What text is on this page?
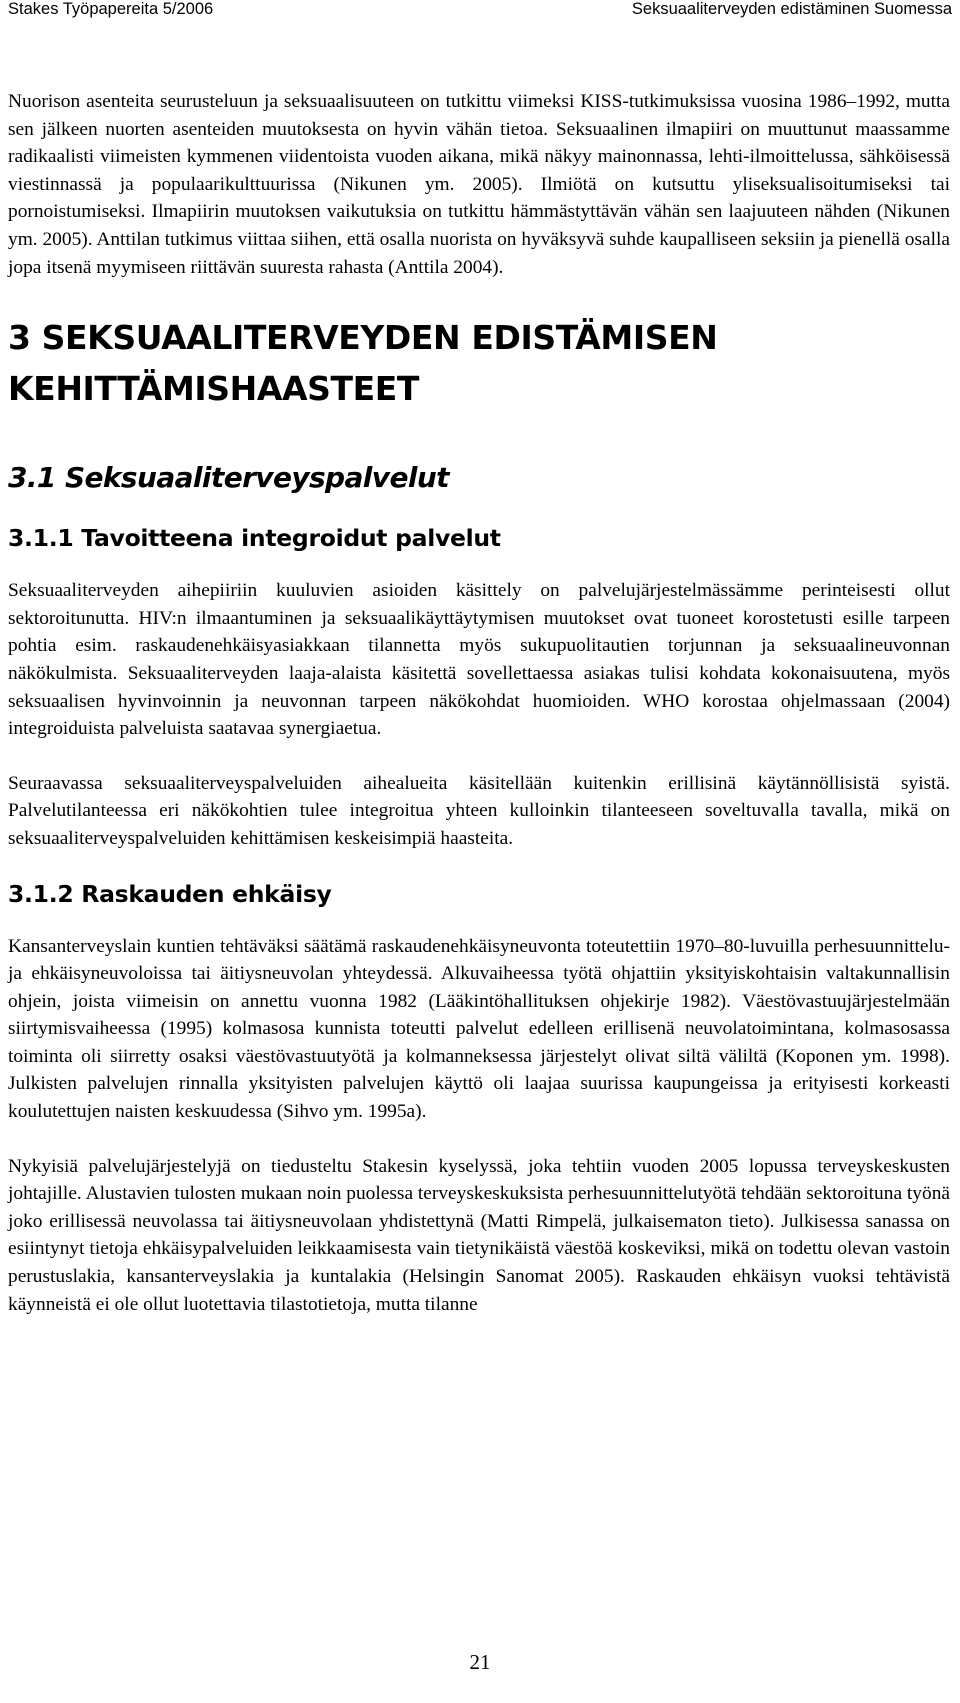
Stakes Työpapereita 5/2006	Seksuaaliterveyden edistäminen Suomessa

Nuorison asenteita seurusteluun ja seksuaalisuuteen on tutkittu viimeksi KISS-tutkimuksissa vuosina 1986–1992, mutta sen jälkeen nuorten asenteiden muutoksesta on hyvin vähän tietoa. Seksuaalinen ilmapiiri on muuttunut maassamme radikaalisti viimeisten kymmenen viidentoista vuoden aikana, mikä näkyy mainonnassa, lehti-ilmoittelussa, sähköisessä viestinnassä ja populaarikulttuurissa (Nikunen ym. 2005). Ilmiötä on kutsuttu yliseksualisoitumiseksi tai pornoistumiseksi. Ilmapiirin muutoksen vaikutuksia on tutkittu hämmästyttävän vähän sen laajuuteen nähden (Nikunen ym. 2005). Anttilan tutkimus viittaa siihen, että osalla nuorista on hyväksyvä suhde kaupalliseen seksiin ja pienellä osalla jopa itsenä myymiseen riittävän suuresta rahasta (Anttila 2004).

3 SEKSUAALITERVEYDEN EDISTÄMISEN
KEHITTÄMISHAASTEET
3.1 Seksuaaliterveyspalvelut
3.1.1 Tavoitteena integroidut palvelut

Seksuaaliterveyden aihepiiriin kuuluvien asioiden käsittely on palvelujärjestelmässämme perinteisesti ollut sektoroitunutta. HIV:n ilmaantuminen ja seksuaalikäyttäytymisen muutokset ovat tuoneet korostetusti esille tarpeen pohtia esim. raskaudenehkäisyasiakkaan tilannetta myös sukupuolitautien torjunnan ja seksuaalineuvonnan näkökulmista. Seksuaaliterveyden laaja-alaista käsitettä sovellettaessa asiakas tulisi kohdata kokonaisuutena, myös seksuaalisen hyvinvoinnin ja neuvonnan tarpeen näkökohdat huomioiden. WHO korostaa ohjelmassaan (2004) integroiduista palveluista saatavaa synergiaetua.

Seuraavassa seksuaaliterveyspalveluiden aihealueita käsitellään kuitenkin erillisinä käytännöllisistä syistä. Palvelutilanteessa eri näkökohtien tulee integroitua yhteen kulloinkin tilanteeseen soveltuvalla tavalla, mikä on seksuaaliterveyspalveluiden kehittämisen keskeisimpiä haasteita.

3.1.2 Raskauden ehkäisy

Kansanterveyslain kuntien tehtäväksi säätämä raskaudenehkäisyneuvonta toteutettiin 1970–80-luvuilla perhesuunnittelu- ja ehkäisyneuvoloissa tai äitiysneuvolan yhteydessä. Alkuvaiheessa työtä ohjattiin yksityiskohtaisin valtakunnallisin ohjein, joista viimeisin on annettu vuonna 1982 (Lääkintöhallituksen ohjekirje 1982). Väestövastuujärjestelmään siirtymisvaiheessa (1995) kolmasosa kunnista toteutti palvelut edelleen erillisenä neuvolatoimintana, kolmasosassa toiminta oli siirretty osaksi väestövastuutyötä ja kolmanneksessa järjestelyt olivat siltä väliltä (Koponen ym. 1998). Julkisten palvelujen rinnalla yksityisten palvelujen käyttö oli laajaa suurissa kaupungeissa ja erityisesti korkeasti koulutettujen naisten keskuudessa (Sihvo ym. 1995a).

Nykyisiä palvelujärjestelyjä on tiedusteltu Stakesin kyselyssä, joka tehtiin vuoden 2005 lopussa terveyskeskusten johtajille. Alustavien tulosten mukaan noin puolessa terveyskeskuksista perhesuunnittelutyötä tehdään sektoroituna työnä joko erillisessä neuvolassa tai äitiysneuvolaan yhdistettynä (Matti Rimpelä, julkaisematon tieto). Julkisessa sanassa on esiintynyt tietoja ehkäisypalveluiden leikkaamisesta vain tietynikäistä väestöä koskeviksi, mikä on todettu olevan vastoin perustuslakia, kansanterveyslakia ja kuntalakia (Helsingin Sanomat 2005). Raskauden ehkäisyn vuoksi tehtävistä käynneistä ei ole ollut luotettavia tilastotietoja, mutta tilanne

21
